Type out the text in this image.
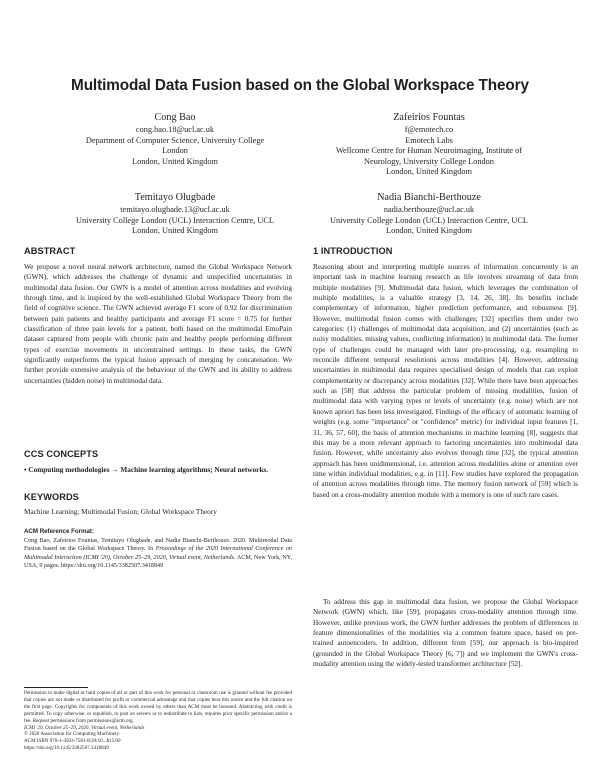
Multimodal Data Fusion based on the Global Workspace Theory
Cong Bao
cong.bao.18@ucl.ac.uk
Department of Computer Science, University College
London
London, United Kingdom
Zafeirios Fountas
f@emotech.co
Emotech Labs
Wellcome Centre for Human Neuroimaging, Institute of
Neurology, University College London
London, United Kingdom
Temitayo Olugbade
temitayo.olugbade.13@ucl.ac.uk
University College London (UCL) Interaction Centre, UCL
London, United Kingdom
Nadia Bianchi-Berthouze
nadia.berthouze@ucl.ac.uk
University College London (UCL) Interaction Centre, UCL
London, United Kingdom
ABSTRACT
We propose a novel neural network architecture, named the Global Workspace Network (GWN), which addresses the challenge of dynamic and unspecified uncertainties in multimodal data fusion. Our GWN is a model of attention across modalities and evolving through time, and is inspired by the well-established Global Workspace Theory from the field of cognitive science. The GWN achieved average F1 score of 0.92 for discrimination between pain patients and healthy participants and average F1 score = 0.75 for further classification of three pain levels for a patient, both based on the multimodal EmoPain dataset captured from people with chronic pain and healthy people performing different types of exercise movements in unconstrained settings. In these tasks, the GWN significantly outperforms the typical fusion approach of merging by concatenation. We further provide extensive analysis of the behaviour of the GWN and its ability to address uncertainties (hidden noise) in multimodal data.
CCS CONCEPTS
• Computing methodologies → Machine learning algorithms; Neural networks.
KEYWORDS
Machine Learning; Multimodal Fusion; Global Workspace Theory
ACM Reference Format:
Cong Bao, Zafeirios Fountas, Temitayo Olugbade, and Nadia Bianchi-Berthouze. 2020. Multimodal Data Fusion based on the Global Workspace Theory. In Proceedings of the 2020 International Conference on Multimodal Interaction (ICMI '20), October 25–29, 2020, Virtual event, Netherlands. ACM, New York, NY, USA, 9 pages. https://doi.org/10.1145/3382507.3418849
Permission to make digital or hard copies of all or part of this work for personal or classroom use is granted without fee provided that copies are not made or distributed for profit or commercial advantage and that copies bear this notice and the full citation on the first page. Copyrights for components of this work owned by others than ACM must be honored. Abstracting with credit is permitted. To copy otherwise, or republish, to post on servers or to redistribute to lists, requires prior specific permission and/or a fee. Request permissions from permissions@acm.org.
ICMI '20, October 25–29, 2020, Virtual event, Netherlands
© 2020 Association for Computing Machinery.
ACM ISBN 978-1-4503-7581-8/20/10...$15.00
https://doi.org/10.1145/3382507.3418849
1 INTRODUCTION
Reasoning about and interpreting multiple sources of information concurrently is an important task in machine learning research as life involves streaming of data from multiple modalities [9]. Multimodal data fusion, which leverages the combination of multiple modalities, is a valuable strategy [3, 14, 26, 38]. Its benefits include complementary of information, higher prediction performance, and robustness [9]. However, multimodal fusion comes with challenges; [32] specifies them under two categories: (1) challenges of multimodal data acquisition, and (2) uncertainties (such as noisy modalities, missing values, conflicting information) in multimodal data. The former type of challenges could be managed with later pre-processing, e.g. resampling to reconcile different temporal resolutions across modalities [4]. However, addressing uncertainties in multimodal data requires specialised design of models that can exploit complementarity or discrepancy across modalities [32]. While there have been approaches such as [58] that address the particular problem of missing modalities, fusion of multimodal data with varying types or levels of uncertainty (e.g. noise) which are not known apriori has been less investigated. Findings of the efficacy of automatic learning of weights (e.g. some "importance" or "confidence" metric) for individual input features [1, 31, 36, 57, 60], the basis of attention mechanisms in machine learning [8], suggests that this may be a more relevant approach to factoring uncertainties into multimodal data fusion. However, while uncertainty also evolves through time [32], the typical attention approach has been unidimensional, i.e. attention across modalities alone or attention over time within individual modalities, e.g. in [11]. Few studies have explored the propagation of attention across modalities through time. The memory fusion network of [59] which is based on a cross-modality attention module with a memory is one of such rare cases.
To address this gap in multimodal data fusion, we propose the Global Workspace Network (GWN) which, like [59], propagates cross-modality attention through time. However, unlike previous work, the GWN further addresses the problem of differences in feature dimensionalities of the modalities via a common feature space, based on pre-trained autoencoders. In addition, different from [59], our approach is bio-inspired (grounded in the Global Workspace Theory [6, 7]) and we implement the GWN's cross-modality attention using the widely-tested transformer architecture [52].
